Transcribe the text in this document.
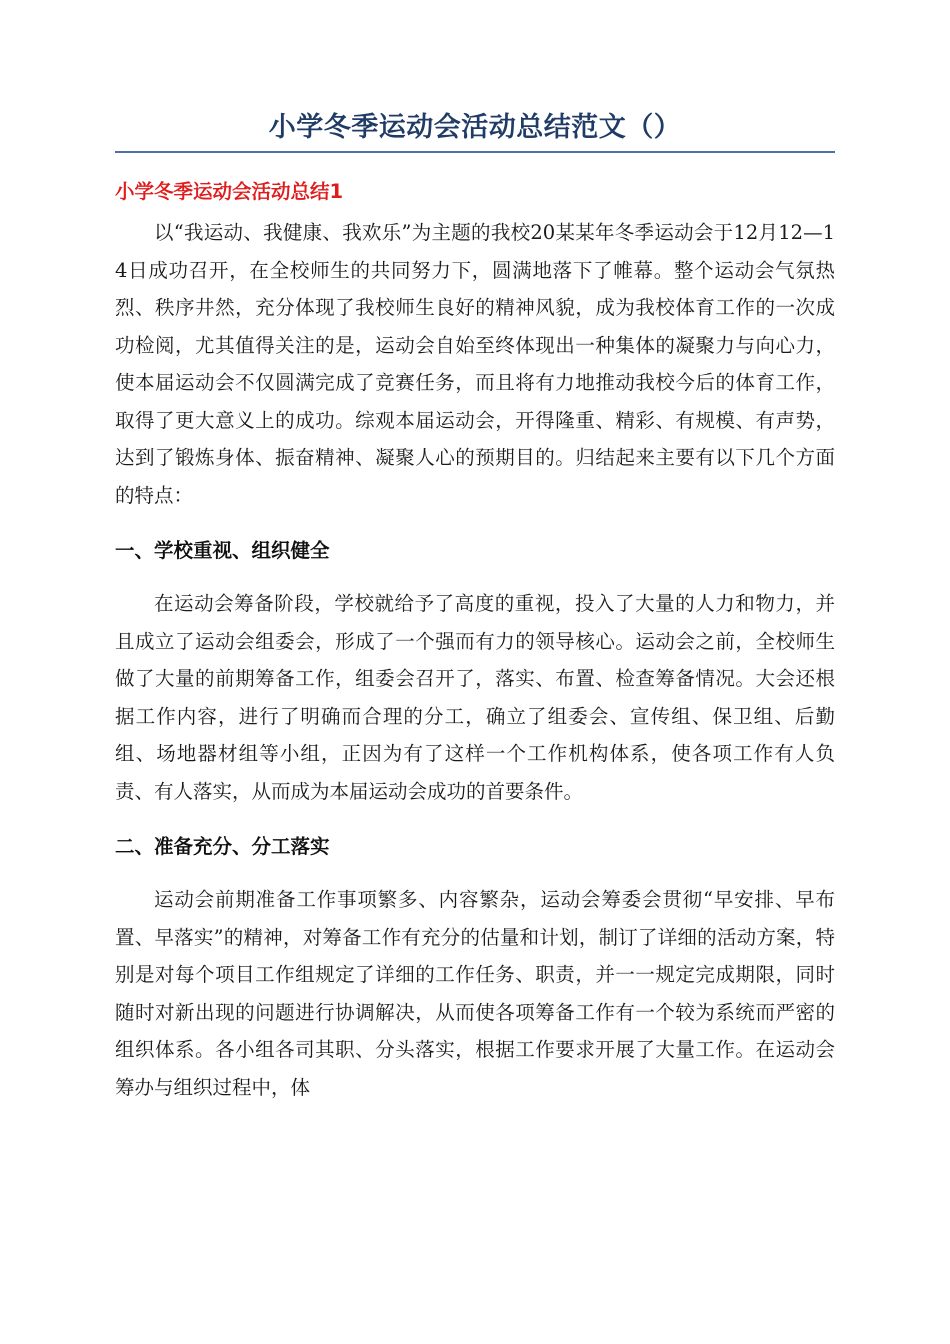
小学冬季运动会活动总结范文（）
小学冬季运动会活动总结1

以“我运动、我健康、我欢乐”为主题的我校20某某年冬季运动会于12月12—14日成功召开，在全校师生的共同努力下，圆满地落下了帷幕。整个运动会气氛热烈、秩序井然，充分体现了我校师生良好的精神风貌，成为我校体育工作的一次成功检阅，尤其值得关注的是，运动会自始至终体现出一种集体的凝聚力与向心力，使本届运动会不仅圆满完成了竞赛任务，而且将有力地推动我校今后的体育工作，取得了更大意义上的成功。综观本届运动会，开得隆重、精彩、有规模、有声势，达到了锻炼身体、振奋精神、凝聚人心的预期目的。归结起来主要有以下几个方面的特点：

一、学校重视、组织健全

在运动会筹备阶段，学校就给予了高度的重视，投入了大量的人力和物力，并且成立了运动会组委会，形成了一个强而有力的领导核心。运动会之前，全校师生做了大量的前期筹备工作，组委会召开了，落实、布置、检查筹备情况。大会还根据工作内容，进行了明确而合理的分工，确立了组委会、宣传组、保卫组、后勤组、场地器材组等小组，正因为有了这样一个工作机构体系，使各项工作有人负责、有人落实，从而成为本届运动会成功的首要条件。

二、准备充分、分工落实

运动会前期准备工作事项繁多、内容繁杂，运动会筹委会贯彻“早安排、早布置、早落实”的精神，对筹备工作有充分的估量和计划，制订了详细的活动方案，特别是对每个项目工作组规定了详细的工作任务、职责，并一一规定完成期限，同时随时对新出现的问题进行协调解决，从而使各项筹备工作有一个较为系统而严密的组织体系。各小组各司其职、分头落实，根据工作要求开展了大量工作。在运动会筹办与组织过程中，体
